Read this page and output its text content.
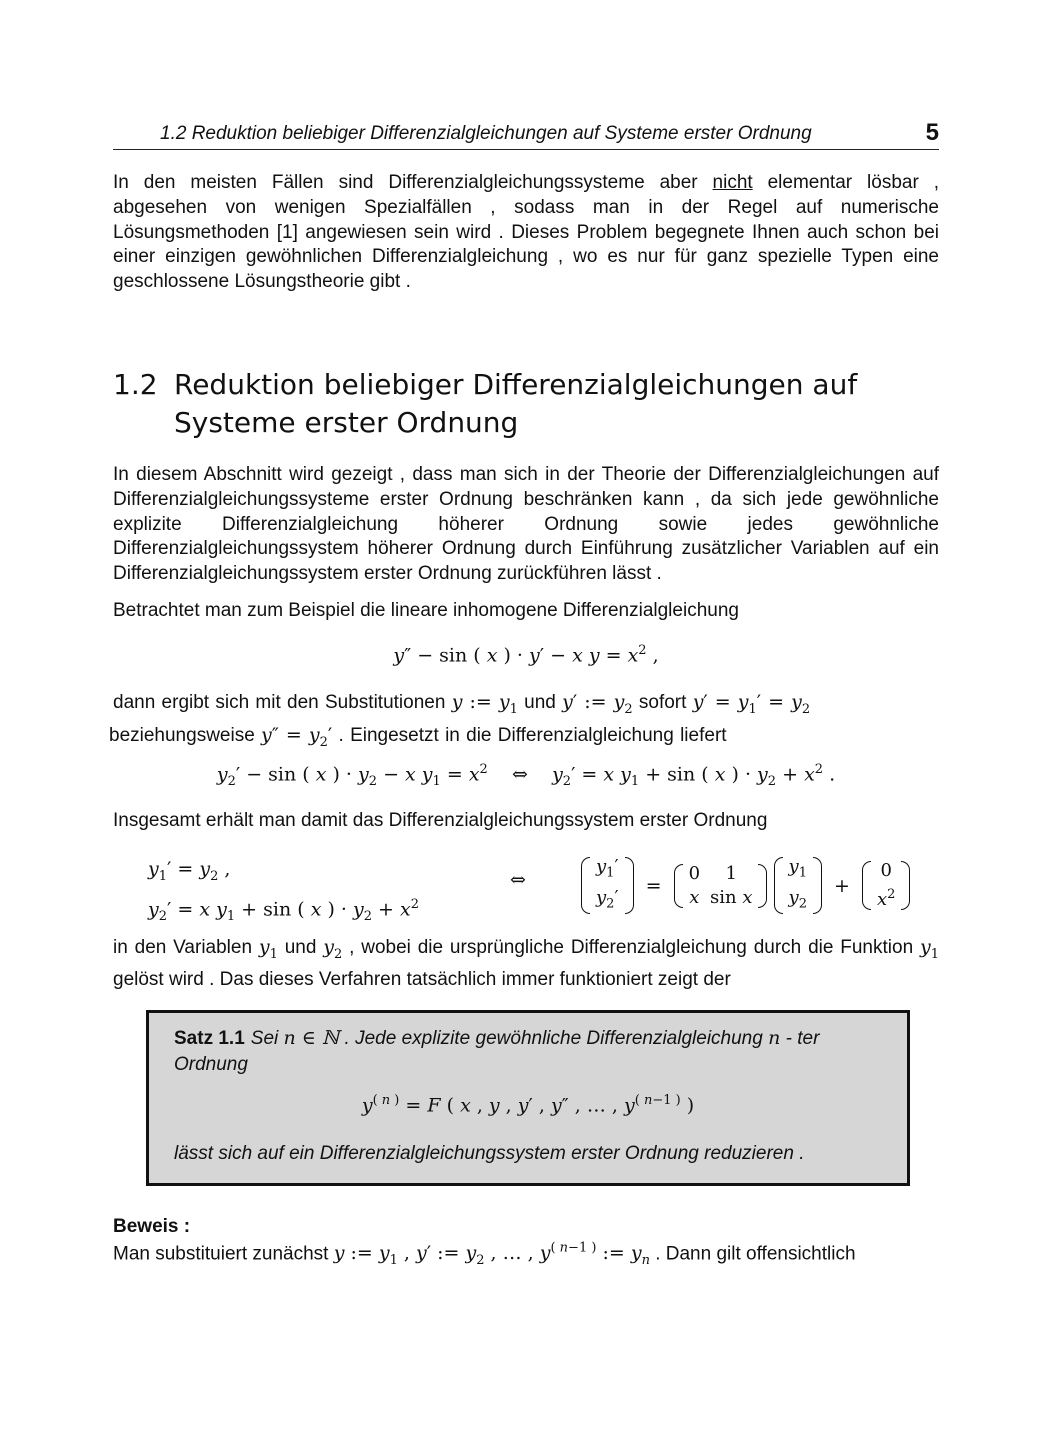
1.2 Reduktion beliebiger Differenzialgleichungen auf Systeme erster Ordnung	5

In den meisten Fällen sind Differenzialgleichungssysteme aber nicht elementar lösbar , abgesehen von wenigen Spezialfällen , sodass man in der Regel auf numerische Lösungsmethoden [1] angewiesen sein wird . Dieses Problem begegnete Ihnen auch schon bei einer einzigen gewöhnlichen Differenzialgleichung , wo es nur für ganz spezielle Typen eine geschlossene Lösungstheorie gibt .

1.2 Reduktion beliebiger Differenzialgleichungen auf Systeme erster Ordnung

In diesem Abschnitt wird gezeigt , dass man sich in der Theorie der Differenzialgleichungen auf Differenzialgleichungssysteme erster Ordnung beschränken kann , da sich jede gewöhnliche explizite Differenzialgleichung höherer Ordnung sowie jedes gewöhnliche Differenzialgleichungssystem höherer Ordnung durch Einführung zusätzlicher Variablen auf ein Differenzialgleichungssystem erster Ordnung zurückführen lässt .

Betrachtet man zum Beispiel die lineare inhomogene Differenzialgleichung

y″ − sin ( x ) · y′ − x $y = x^2$ ,

dann ergibt sich mit den Substitutionen y := $y_1$ und y′ := $y_2$ sofort $y' = y_1' = y_2$
beziehungsweise $y'' = y_2'$ . Eingesetzt in die Differenzialgleichung liefert

$y_2' - \sin$ ( x ) · $y_2 - x$ $y_1 = x^2$    ⇔    $y_2' = x$ $y_1 + \sin$ ( x ) · $y_2 + x^2$ .

Insgesamt erhält man damit das Differenzialgleichungssystem erster Ordnung

$y_1' = y_2$ ,
$y_2' = x$ $y_1 + \sin$ ( x ) · $y_2 + x^2$
⇔
$y_1'$
$y_2'$
=
0	1
x	sin x

$y_1$
$y_2$
+
0
$x^2$

in den Variablen $y_1$ und $y_2$ , wobei die ursprüngliche Differenzialgleichung durch die Funktion $y_1$ gelöst wird . Das dieses Verfahren tatsächlich immer funktioniert zeigt der

Satz 1.1 Sei n ∈ ℕ . Jede explizite gewöhnliche Differenzialgleichung n - ter Ordnung
$y^{( n )} = F$ ( x , y , y′ , y″ , … , $y^{( n-1 )}$ )
lässt sich auf ein Differenzialgleichungssystem erster Ordnung reduzieren .
Beweis :
Man substituiert zunächst y := $y_1$ , y′ := $y_2$ , … , $y^{( n-1 )}$ := $y_n$ . Dann gilt offensichtlich
